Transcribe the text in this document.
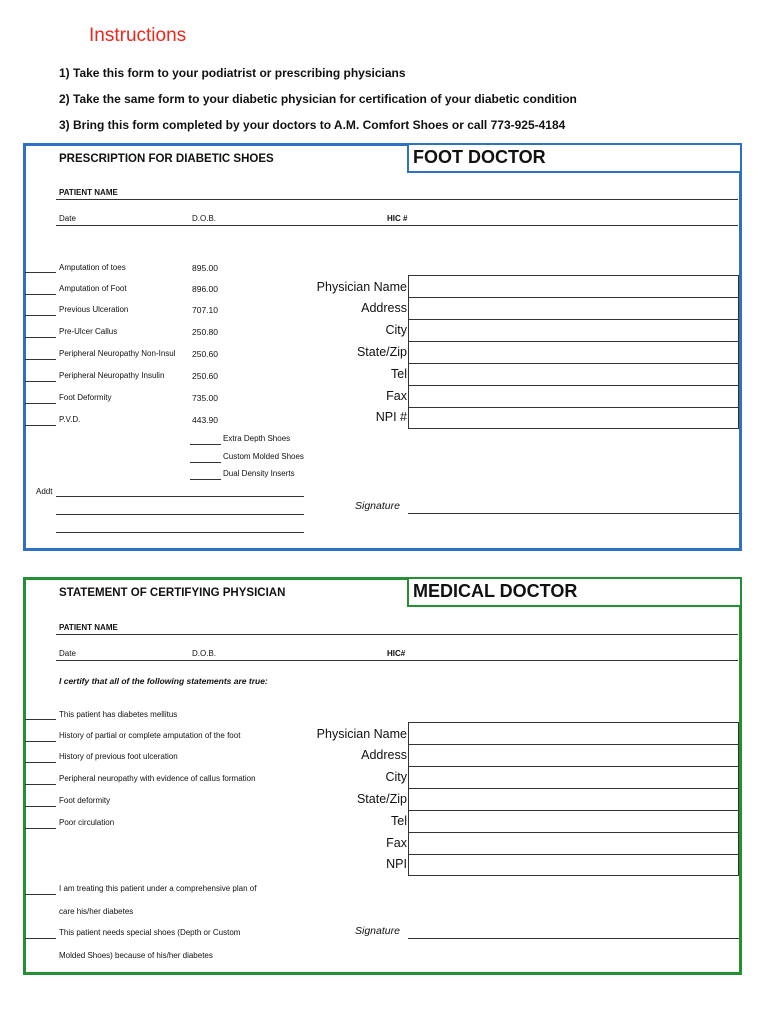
Instructions
1) Take this form to your podiatrist or prescribing physicians
2) Take the same form to your diabetic physician for certification of your diabetic condition
3) Bring this form completed by your doctors to A.M. Comfort Shoes or call 773-925-4184
PRESCRIPTION FOR DIABETIC SHOES	FOOT DOCTOR
PATIENT NAME
Date	D.O.B.	HIC #
Amputation of toes	895.00
Amputation of Foot	896.00
Previous Ulceration	707.10
Pre-Ulcer Callus	250.80
Peripheral Neuropathy Non-Insul	250.60
Peripheral Neuropathy Insulin	250.60
Foot Deformity	735.00
P.V.D.	443.90
Extra Depth Shoes
Custom Molded Shoes
Dual Density Inserts
Addt
Physician Name
Address
City
State/Zip
Tel
Fax
NPI #
Signature
STATEMENT OF CERTIFYING PHYSICIAN	MEDICAL DOCTOR
PATIENT NAME
Date	D.O.B.	HIC#
I certify that all of the following statements are true:
This patient has diabetes mellitus
History of partial or complete amputation of the foot
History of previous foot ulceration
Peripheral neuropathy with evidence of callus formation
Foot deformity
Poor circulation
I am treating this patient under a comprehensive plan of
care his/her diabetes
This patient needs special shoes (Depth or Custom
Molded Shoes) because of his/her diabetes
Physician Name
Address
City
State/Zip
Tel
Fax
NPI
Signature
